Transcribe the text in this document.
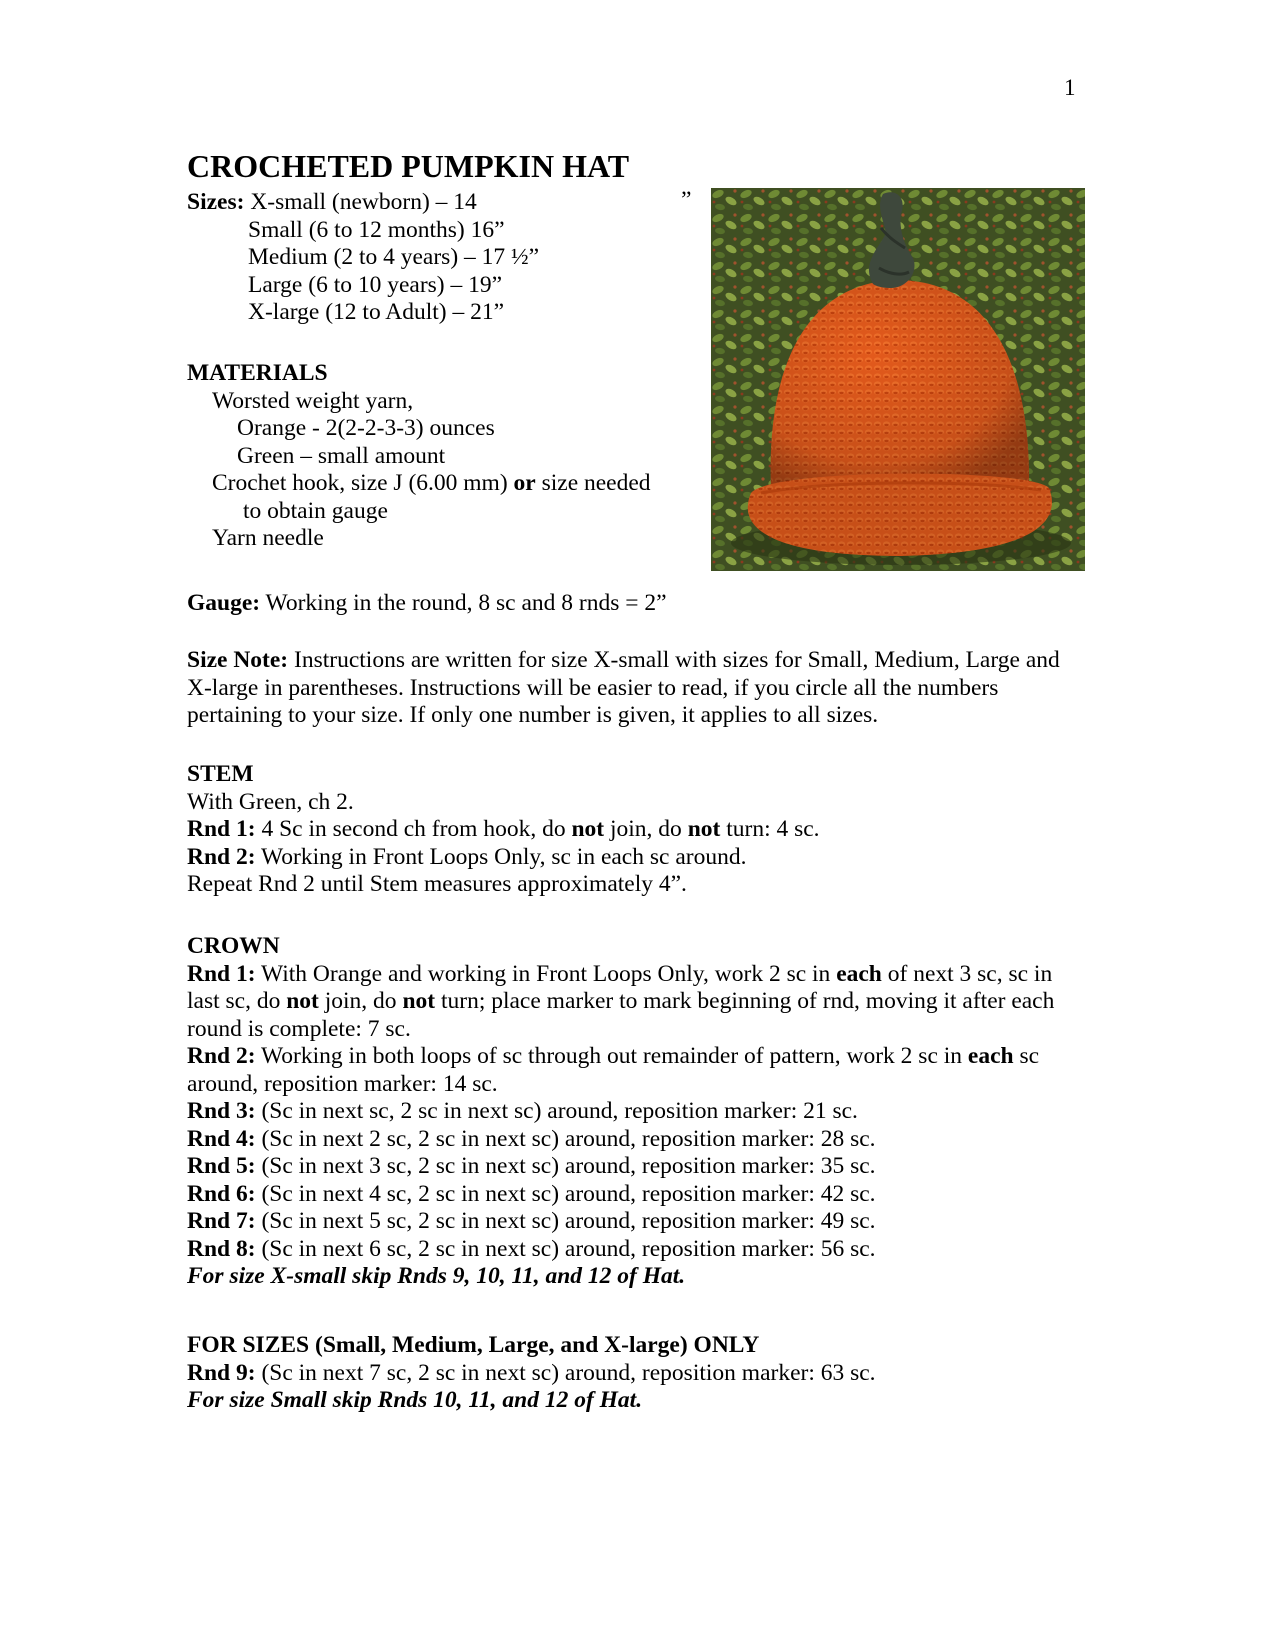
1
CROCHETED PUMPKIN HAT
Sizes: X-small (newborn) – 14
Small (6 to 12 months) 16”
Medium (2 to 4 years) – 17 ½”
Large (6 to 10 years) – 19”
X-large (12 to Adult) – 21”
”
MATERIALS
Worsted weight yarn,
Orange - 2(2-2-3-3) ounces
Green – small amount
Crochet hook, size J (6.00 mm) or size needed
to obtain gauge
Yarn needle
Gauge: Working in the round, 8 sc and 8 rnds = 2”
Size Note: Instructions are written for size X-small with sizes for Small, Medium, Large and X-large in parentheses. Instructions will be easier to read, if you circle all the numbers pertaining to your size. If only one number is given, it applies to all sizes.
STEM
With Green, ch 2.
Rnd 1: 4 Sc in second ch from hook, do not join, do not turn: 4 sc.
Rnd 2: Working in Front Loops Only, sc in each sc around.
Repeat Rnd 2 until Stem measures approximately 4”.
CROWN
Rnd 1: With Orange and working in Front Loops Only, work 2 sc in each of next 3 sc, sc in last sc, do not join, do not turn; place marker to mark beginning of rnd, moving it after each round is complete: 7 sc.
Rnd 2: Working in both loops of sc through out remainder of pattern, work 2 sc in each sc around, reposition marker: 14 sc.
Rnd 3: (Sc in next sc, 2 sc in next sc) around, reposition marker: 21 sc.
Rnd 4: (Sc in next 2 sc, 2 sc in next sc) around, reposition marker: 28 sc.
Rnd 5: (Sc in next 3 sc, 2 sc in next sc) around, reposition marker: 35 sc.
Rnd 6: (Sc in next 4 sc, 2 sc in next sc) around, reposition marker: 42 sc.
Rnd 7: (Sc in next 5 sc, 2 sc in next sc) around, reposition marker: 49 sc.
Rnd 8: (Sc in next 6 sc, 2 sc in next sc) around, reposition marker: 56 sc.
For size X-small skip Rnds 9, 10, 11, and 12 of Hat.
FOR SIZES (Small, Medium, Large, and X-large) ONLY
Rnd 9: (Sc in next 7 sc, 2 sc in next sc) around, reposition marker: 63 sc.
For size Small skip Rnds 10, 11, and 12 of Hat.
